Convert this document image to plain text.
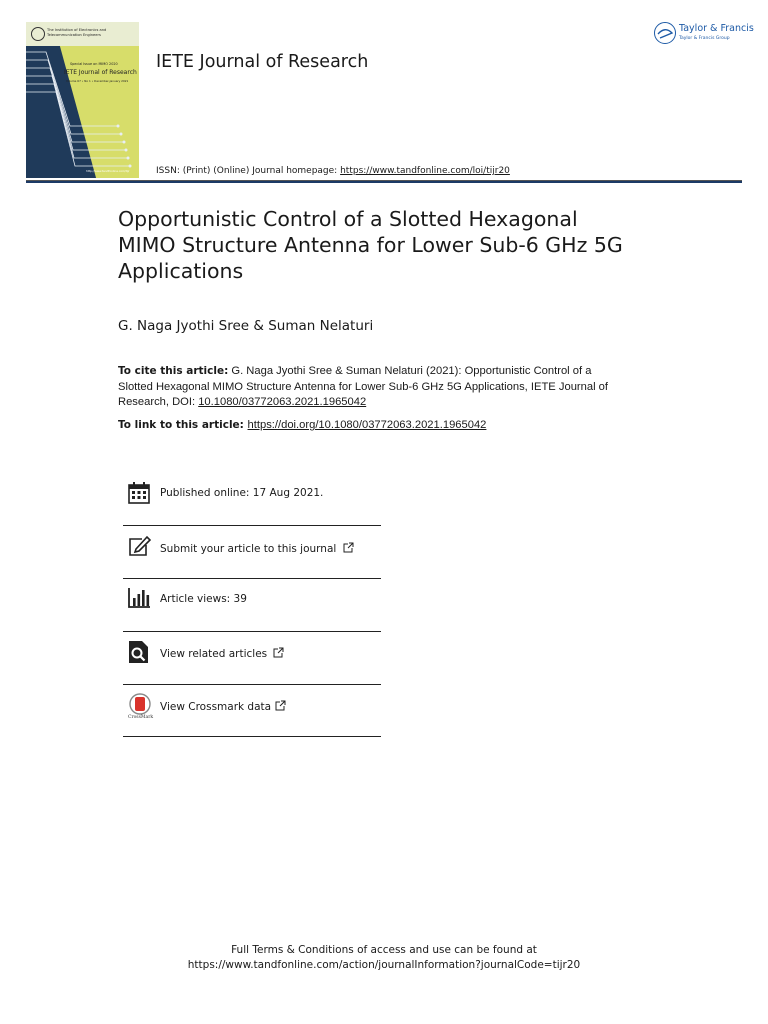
The Institution of Electronics and
Telecommunication Engineers
Special Issue on MIMO 2020
IETE Journal of Research
Volume 67 • No 1 • December-January 2021
http://www.tandfonline.com/tijr
IETE Journal of Research
Taylor & Francis
Taylor & Francis Group
ISSN: (Print) (Online) Journal homepage: https://www.tandfonline.com/loi/tijr20
Opportunistic Control of a Slotted Hexagonal
MIMO Structure Antenna for Lower Sub-6 GHz 5G
Applications
G. Naga Jyothi Sree & Suman Nelaturi
To cite this article: G. Naga Jyothi Sree & Suman Nelaturi (2021): Opportunistic Control of a
Slotted Hexagonal MIMO Structure Antenna for Lower Sub-6 GHz 5G Applications, IETE Journal of
Research, DOI: 10.1080/03772063.2021.1965042
To link to this article: https://doi.org/10.1080/03772063.2021.1965042
Published online: 17 Aug 2021.
Submit your article to this journal
Article views: 39
View related articles
CrossMark
View Crossmark data
Full Terms & Conditions of access and use can be found at
https://www.tandfonline.com/action/journalInformation?journalCode=tijr20
